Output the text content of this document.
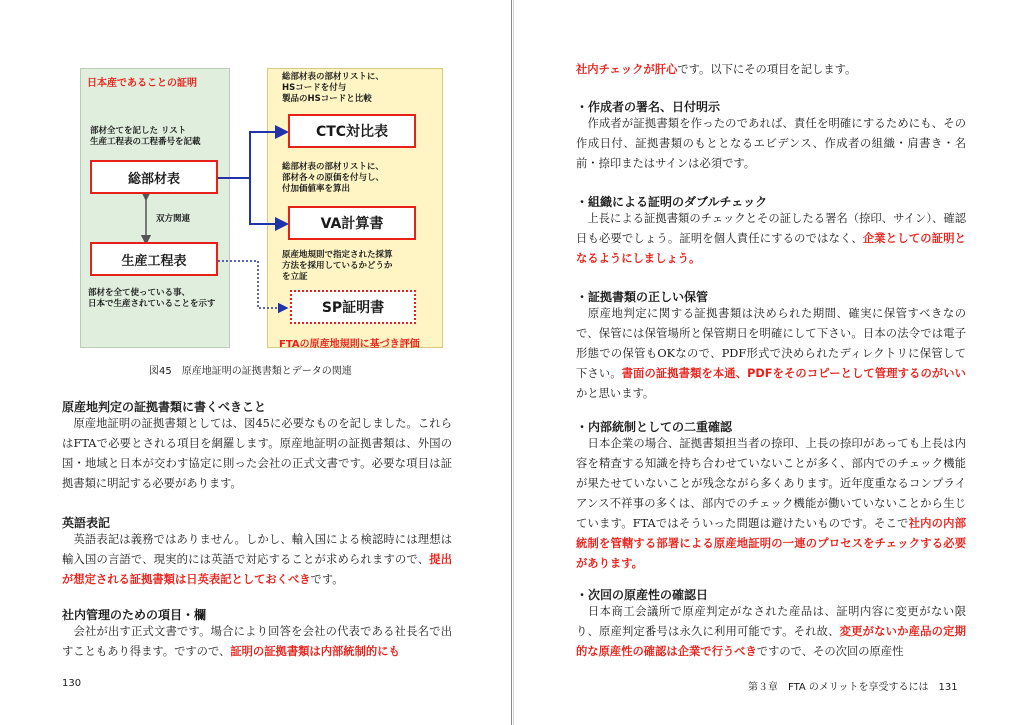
日本産であることの証明
部材全てを記した リスト
生産工程表の工程番号を記載
総部材表
双方関連
生産工程表
部材を全て使っている事、
日本で生産されていることを示す
総部材表の部材リストに、
HSコードを付与
製品のHSコードと比較
CTC対比表
総部材表の部材リストに、
部材各々の原価を付与し、
付加価値率を算出
VA計算書
原産地規則で指定された採算
方法を採用しているかどうか
を立証
SP証明書
FTAの原産地規則に基づき評価
図45　原産地証明の証拠書類とデータの関連
原産地判定の証拠書類に書くべきこと
　原産地証明の証拠書類としては、図45に必要なものを記しました。これらはFTAで必要とされる項目を網羅します。原産地証明の証拠書類は、外国の国・地域と日本が交わす協定に則った会社の正式文書です。必要な項目は証拠書類に明記する必要があります。
英語表記
　英語表記は義務ではありません。しかし、輸入国による検認時には理想は輸入国の言語で、現実的には英語で対応することが求められますので、提出が想定される証拠書類は日英表記としておくべきです。
社内管理のための項目・欄
　会社が出す正式文書です。場合により回答を会社の代表である社長名で出すこともあり得ます。ですので、証明の証拠書類は内部統制的にも
130
社内チェックが肝心です。以下にその項目を記します。
・作成者の署名、日付明示
　作成者が証拠書類を作ったのであれば、責任を明確にするためにも、その作成日付、証拠書類のもととなるエビデンス、作成者の組織・肩書き・名前・捺印またはサインは必須です。
・組織による証明のダブルチェック
　上長による証拠書類のチェックとその証したる署名（捺印、サイン）、確認日も必要でしょう。証明を個人責任にするのではなく、企業としての証明となるようにしましょう。
・証拠書類の正しい保管
　原産地判定に関する証拠書類は決められた期間、確実に保管すべきなので、保管には保管場所と保管期日を明確にして下さい。日本の法令では電子形態での保管もOKなので、PDF形式で決められたディレクトリに保管して下さい。書面の証拠書類を本通、PDFをそのコピーとして管理するのがいいかと思います。
・内部統制としての二重確認
　日本企業の場合、証拠書類担当者の捺印、上長の捺印があっても上長は内容を精査する知識を持ち合わせていないことが多く、部内でのチェック機能が果たせていないことが残念ながら多くあります。近年度重なるコンプライアンス不祥事の多くは、部内でのチェック機能が働いていないことから生じています。FTAではそういった問題は避けたいものです。そこで社内の内部統制を管轄する部署による原産地証明の一連のプロセスをチェックする必要があります。
・次回の原産性の確認日
　日本商工会議所で原産判定がなされた産品は、証明内容に変更がない限り、原産判定番号は永久に利用可能です。それ故、変更がないか産品の定期的な原産性の確認は企業で行うべきですので、その次回の原産性
第３章　FTA のメリットを享受するには　131
